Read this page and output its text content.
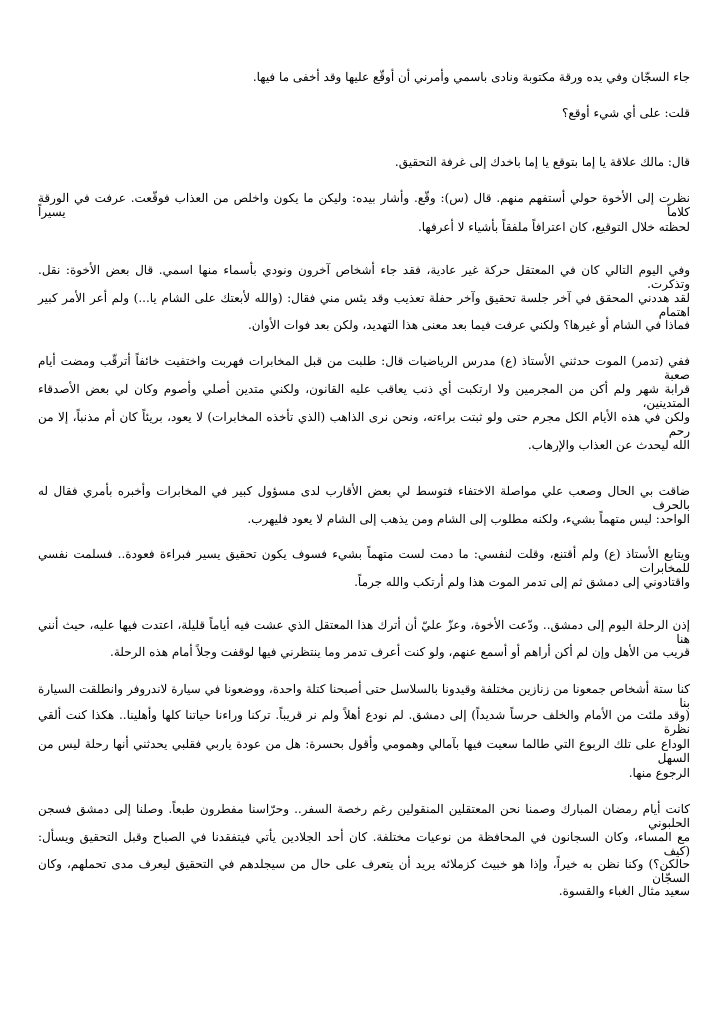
جاء السجّان وفي يده ورقة مكتوبة ونادى باسمي وأمرني أن أوقّع عليها وقد أخفى ما فيها.
قلت: على أي شيء أوقع؟
قال: مالك علاقة يا إما بتوقع يا إما باخدك إلى غرفة التحقيق.
نظرت إلى الأخوة حولي أستفهم منهم. قال (س): وقّع. وأشار بيده: وليكن ما يكون واخلص من العذاب فوقّعت. عرفت في الورقة كلاماً يسيراً
لحظته خلال التوقيع، كان اعترافاً ملفقاً بأشياء لا أعرفها.
وفي اليوم التالي كان في المعتقل حركة غير عادية، فقد جاء أشخاص آخرون ونودي بأسماء منها اسمي. قال بعض الأخوة: نقل. وتذكرت.
لقد هددني المحقق في آخر جلسة تحقيق وآخر حفلة تعذيب وقد يئس مني فقال: (والله لأبعتك على الشام يا...) ولم أعر الأمر كبير اهتمام
فماذا في الشام أو غيرها؟ ولكني عرفت فيما بعد معنى هذا التهديد، ولكن بعد فوات الأوان.
ففي (تدمر) الموت حدثني الأستاذ (ع) مدرس الرياضيات قال: طلبت من قبل المخابرات فهربت واختفيت خائفاً أترقّب ومضت أيام صعبة
قرابة شهر ولم أكن من المجرمين ولا ارتكبت أي ذنب يعاقب عليه القانون، ولكني متدين أصلي وأصوم وكان لي بعض الأصدقاء المتدينين،
ولكن في هذه الأيام الكل مجرم حتى ولو ثبتت براءته، ونحن نرى الذاهب (الذي تأخذه المخابرات) لا يعود، بريئاً كان أم مذنباً، إلا من رحم
الله ليحدث عن العذاب والإرهاب.
ضاقت بي الحال وصعب علي مواصلة الاختفاء فتوسط لي بعض الأقارب لدى مسؤول كبير في المخابرات وأخبره بأمري فقال له بالحرف
الواحد: ليس متهماً بشيء، ولكنه مطلوب إلى الشام ومن يذهب إلى الشام لا يعود فليهرب.
ويتابع الأستاذ (ع) ولم أقتنع، وقلت لنفسي: ما دمت لست متهماً بشيء فسوف يكون تحقيق يسير فبراءة فعودة.. فسلمت نفسي للمخابرات
واقتادوني إلى دمشق ثم إلى تدمر الموت هذا ولم أرتكب والله جرماً.
إذن الرحلة اليوم إلى دمشق.. ودّعت الأخوة، وعزّ عليّ أن أترك هذا المعتقل الذي عشت فيه أياماً قليلة، اعتدت فيها عليه، حيث أنني هنا
قريب من الأهل وإن لم أكن أراهم أو أسمع عنهم، ولو كنت أعرف تدمر وما ينتظرني فيها لوقفت وجلاً أمام هذه الرحلة.
كنا ستة أشخاص جمعونا من زنازين مختلفة وقيدونا بالسلاسل حتى أصبحنا كتلة واحدة، ووضعونا في سيارة لاندروفر وانطلقت السيارة بنا
(وقد ملئت من الأمام والخلف حرساً شديداً) إلى دمشق. لم نودع أهلاً ولم نر قريباً. تركنا وراءنا حياتنا كلها وأهلينا.. هكذا كنت ألقي نظرة
الوداع على تلك الربوع التي طالما سعيت فيها بآمالي وهمومي وأقول بحسرة: هل من عودة ياربي فقلبي يحدثني أنها رحلة ليس من السهل
الرجوع منها.
كانت أيام رمضان المبارك وصمنا نحن المعتقلين المنقولين رغم رخصة السفر.. وحرّاسنا مفطرون طبعاً. وصلنا إلى دمشق فسجن الحلبوني
مع المساء، وكان السجانون في المحافظة من نوعيات مختلفة. كان أحد الجلادين يأتي فيتفقدنا في الصباح وقبل التحقيق ويسأل: (كيف
حالكن؟) وكنا نظن به خيراً، وإذا هو خبيث كزملائه يريد أن يتعرف على حال من سيجلدهم في التحقيق ليعرف مدى تحملهم، وكان السجّان
سعيد مثال الغباء والقسوة.
